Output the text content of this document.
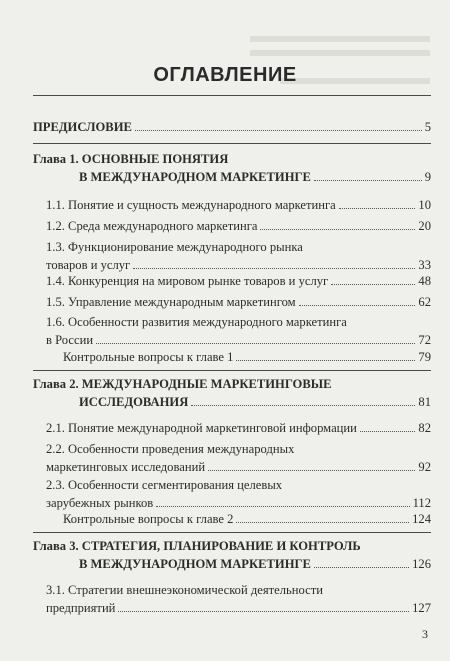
ОГЛАВЛЕНИЕ
ПРЕДИСЛОВИЕ	5
Глава 1. ОСНОВНЫЕ ПОНЯТИЯ
В МЕЖДУНАРОДНОМ МАРКЕТИНГЕ	9
1.1. Понятие и сущность международного маркетинга	10
1.2. Среда международного маркетинга	20
1.3. Функционирование международного рынка
товаров и услуг	33
1.4. Конкуренция на мировом рынке товаров и услуг	48
1.5. Управление международным маркетингом	62
1.6. Особенности развития международного маркетинга
в России	72
Контрольные вопросы к главе 1	79
Глава 2. МЕЖДУНАРОДНЫЕ МАРКЕТИНГОВЫЕ
ИССЛЕДОВАНИЯ	81
2.1. Понятие международной маркетинговой информации	82
2.2. Особенности проведения международных
маркетинговых исследований	92
2.3. Особенности сегментирования целевых
зарубежных рынков	112
Контрольные вопросы к главе 2	124
Глава 3. СТРАТЕГИЯ, ПЛАНИРОВАНИЕ И КОНТРОЛЬ
В МЕЖДУНАРОДНОМ МАРКЕТИНГЕ	126
3.1. Стратегии внешнеэкономической деятельности
предприятий	127
3
